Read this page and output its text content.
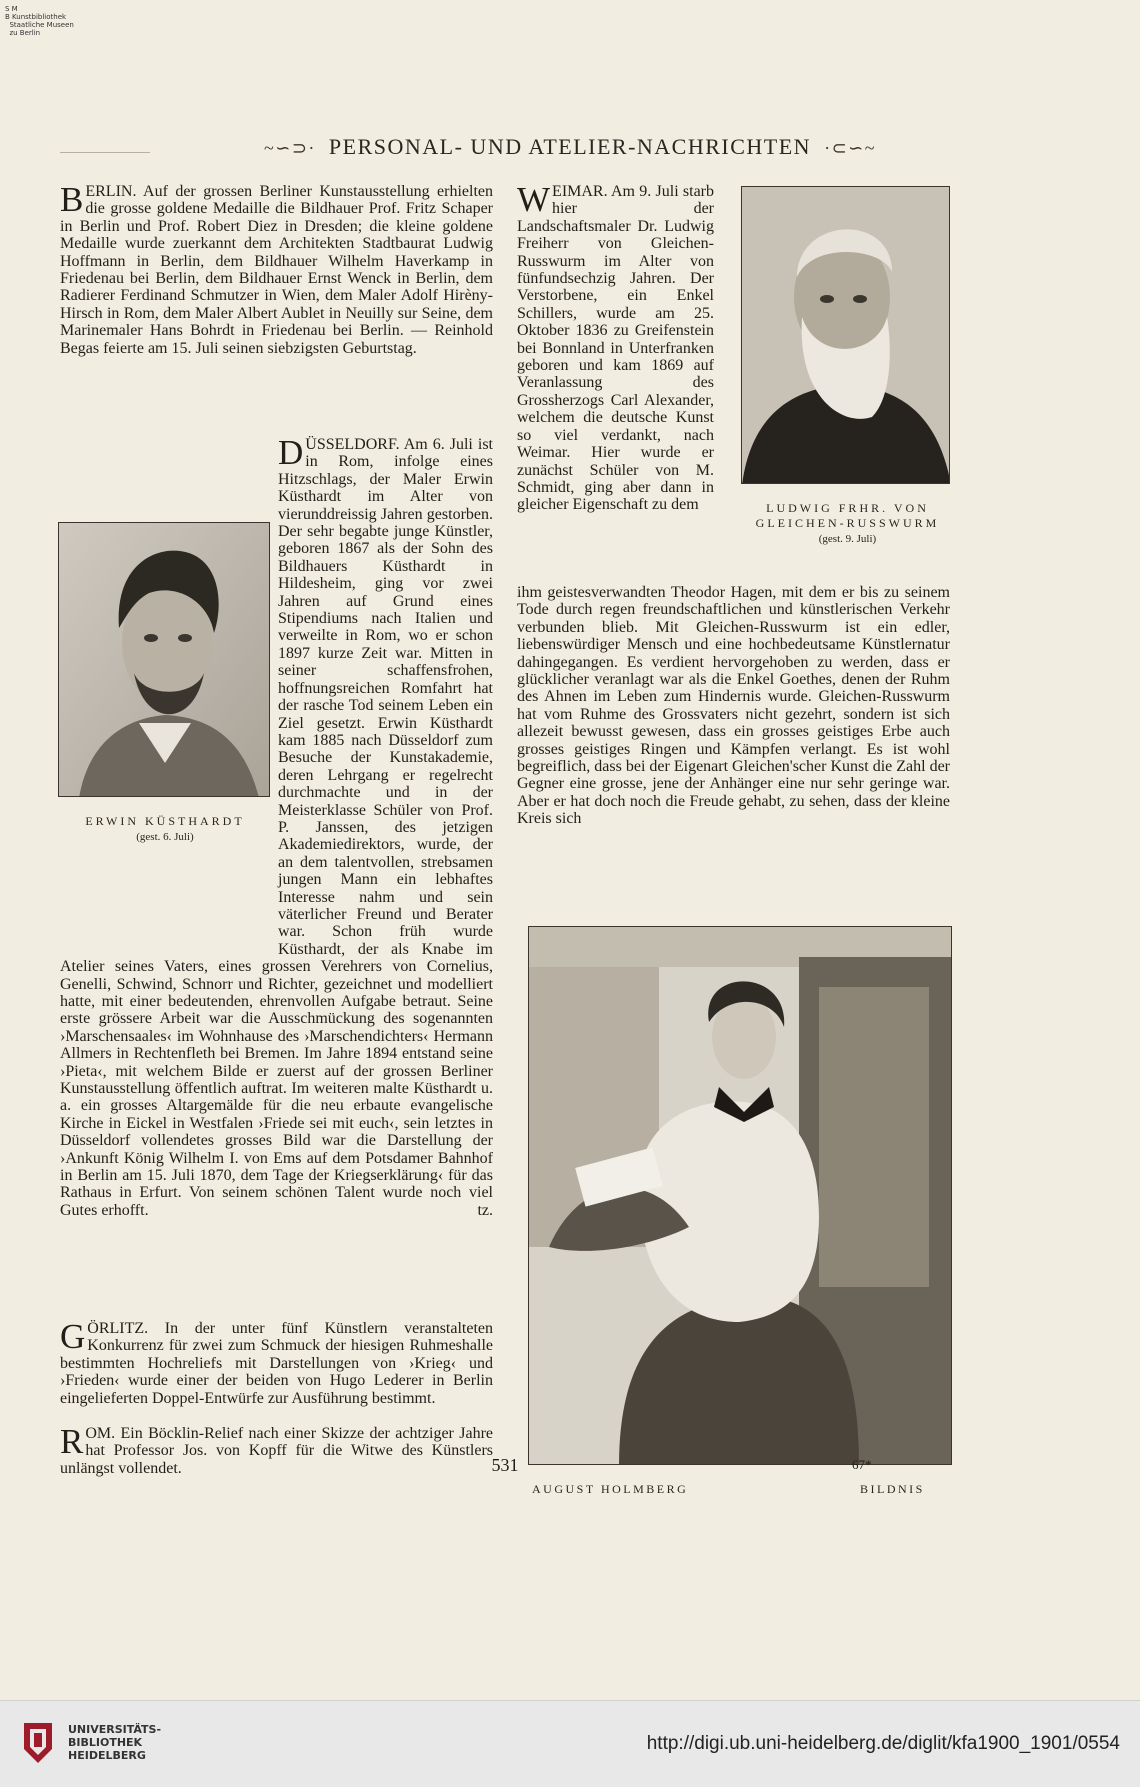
S M
B Kunstbibliothek
Staatliche Museen
zu Berlin
~∽⊃· PERSONAL- UND ATELIER-NACHRICHTEN ·⊂∽~

BERLIN. Auf der grossen Berliner Kunstausstellung erhielten die grosse goldene Medaille die Bildhauer Prof. Fritz Schaper in Berlin und Prof. Robert Diez in Dresden; die kleine goldene Medaille wurde zuerkannt dem Architekten Stadtbaurat Ludwig Hoffmann in Berlin, dem Bildhauer Wilhelm Haverkamp in Friedenau bei Berlin, dem Bildhauer Ernst Wenck in Berlin, dem Radierer Ferdinand Schmutzer in Wien, dem Maler Adolf Hirèny-Hirsch in Rom, dem Maler Albert Aublet in Neuilly sur Seine, dem Marinemaler Hans Bohrdt in Friedenau bei Berlin. — Reinhold Begas feierte am 15. Juli seinen siebzigsten Geburtstag.

ERWIN KÜSTHARDT
(gest. 6. Juli)

DÜSSELDORF. Am 6. Juli ist in Rom, infolge eines Hitzschlags, der Maler Erwin Küsthardt im Alter von vierunddreissig Jahren gestorben. Der sehr begabte junge Künstler, geboren 1867 als der Sohn des Bildhauers Küsthardt in Hildesheim, ging vor zwei Jahren auf Grund eines Stipendiums nach Italien und verweilte in Rom, wo er schon 1897 kurze Zeit war. Mitten in seiner schaffensfrohen, hoffnungsreichen Romfahrt hat der rasche Tod seinem Leben ein Ziel gesetzt. Erwin Küsthardt kam 1885 nach Düsseldorf zum Besuche der Kunstakademie, deren Lehrgang er regelrecht durchmachte und in der Meisterklasse Schüler von Prof. P. Janssen, des jetzigen Akademiedirektors, wurde, der an dem talentvollen, strebsamen jungen Mann ein lebhaftes Interesse nahm und sein väterlicher Freund und Berater war. Schon früh wurde Küsthardt, der als Knabe im Atelier seines Vaters, eines grossen Verehrers von Cornelius, Genelli, Schwind, Schnorr und Richter, gezeichnet und modelliert hatte, mit einer bedeutenden, ehrenvollen Aufgabe betraut. Seine erste grössere Arbeit war die Ausschmückung des sogenannten ›Marschensaales‹ im Wohnhause des ›Marschendichters‹ Hermann Allmers in Rechtenfleth bei Bremen. Im Jahre 1894 entstand seine ›Pieta‹, mit welchem Bilde er zuerst auf der grossen Berliner Kunstausstellung öffentlich auftrat. Im weiteren malte Küsthardt u. a. ein grosses Altargemälde für die neu erbaute evangelische Kirche in Eickel in Westfalen ›Friede sei mit euch‹, sein letztes in Düsseldorf vollendetes grosses Bild war die Darstellung der ›Ankunft König Wilhelm I. von Ems auf dem Potsdamer Bahnhof in Berlin am 15. Juli 1870, dem Tage der Kriegserklärung‹ für das Rathaus in Erfurt. Von seinem schönen Talent wurde noch viel Gutes erhofft.	tz.

GÖRLITZ. In der unter fünf Künstlern veranstalteten Konkurrenz für zwei zum Schmuck der hiesigen Ruhmeshalle bestimmten Hochreliefs mit Darstellungen von ›Krieg‹ und ›Frieden‹ wurde einer der beiden von Hugo Lederer in Berlin eingelieferten Doppel-Entwürfe zur Ausführung bestimmt.

ROM. Ein Böcklin-Relief nach einer Skizze der achtziger Jahre hat Professor Jos. von Kopff für die Witwe des Künstlers unlängst vollendet.

LUDWIG FRHR. VON
GLEICHEN-RUSSWURM
(gest. 9. Juli)

WEIMAR. Am 9. Juli starb hier der Landschaftsmaler Dr. Ludwig Freiherr von Gleichen-Russwurm im Alter von fünfundsechzig Jahren. Der Verstorbene, ein Enkel Schillers, wurde am 25. Oktober 1836 zu Greifenstein bei Bonnland in Unterfranken geboren und kam 1869 auf Veranlassung des Grossherzogs Carl Alexander, welchem die deutsche Kunst so viel verdankt, nach Weimar. Hier wurde er zunächst Schüler von M. Schmidt, ging aber dann in gleicher Eigenschaft zu dem

ihm geistesverwandten Theodor Hagen, mit dem er bis zu seinem Tode durch regen freundschaftlichen und künstlerischen Verkehr verbunden blieb. Mit Gleichen-Russwurm ist ein edler, liebenswürdiger Mensch und eine hochbedeutsame Künstlernatur dahingegangen. Es verdient hervorgehoben zu werden, dass er glücklicher veranlagt war als die Enkel Goethes, denen der Ruhm des Ahnen im Leben zum Hindernis wurde. Gleichen-Russwurm hat vom Ruhme des Grossvaters nicht gezehrt, sondern ist sich allezeit bewusst gewesen, dass ein grosses geistiges Erbe auch grosses geistiges Ringen und Kämpfen verlangt. Es ist wohl begreiflich, dass bei der Eigenart Gleichen'scher Kunst die Zahl der Gegner eine grosse, jene der Anhänger eine nur sehr geringe war. Aber er hat doch noch die Freude gehabt, zu sehen, dass der kleine Kreis sich

AUGUST HOLMBERG	BILDNIS
531	67*
UNIVERSITÄTS-
BIBLIOTHEK
HEIDELBERG
http://digi.ub.uni-heidelberg.de/diglit/kfa1900_1901/0554
